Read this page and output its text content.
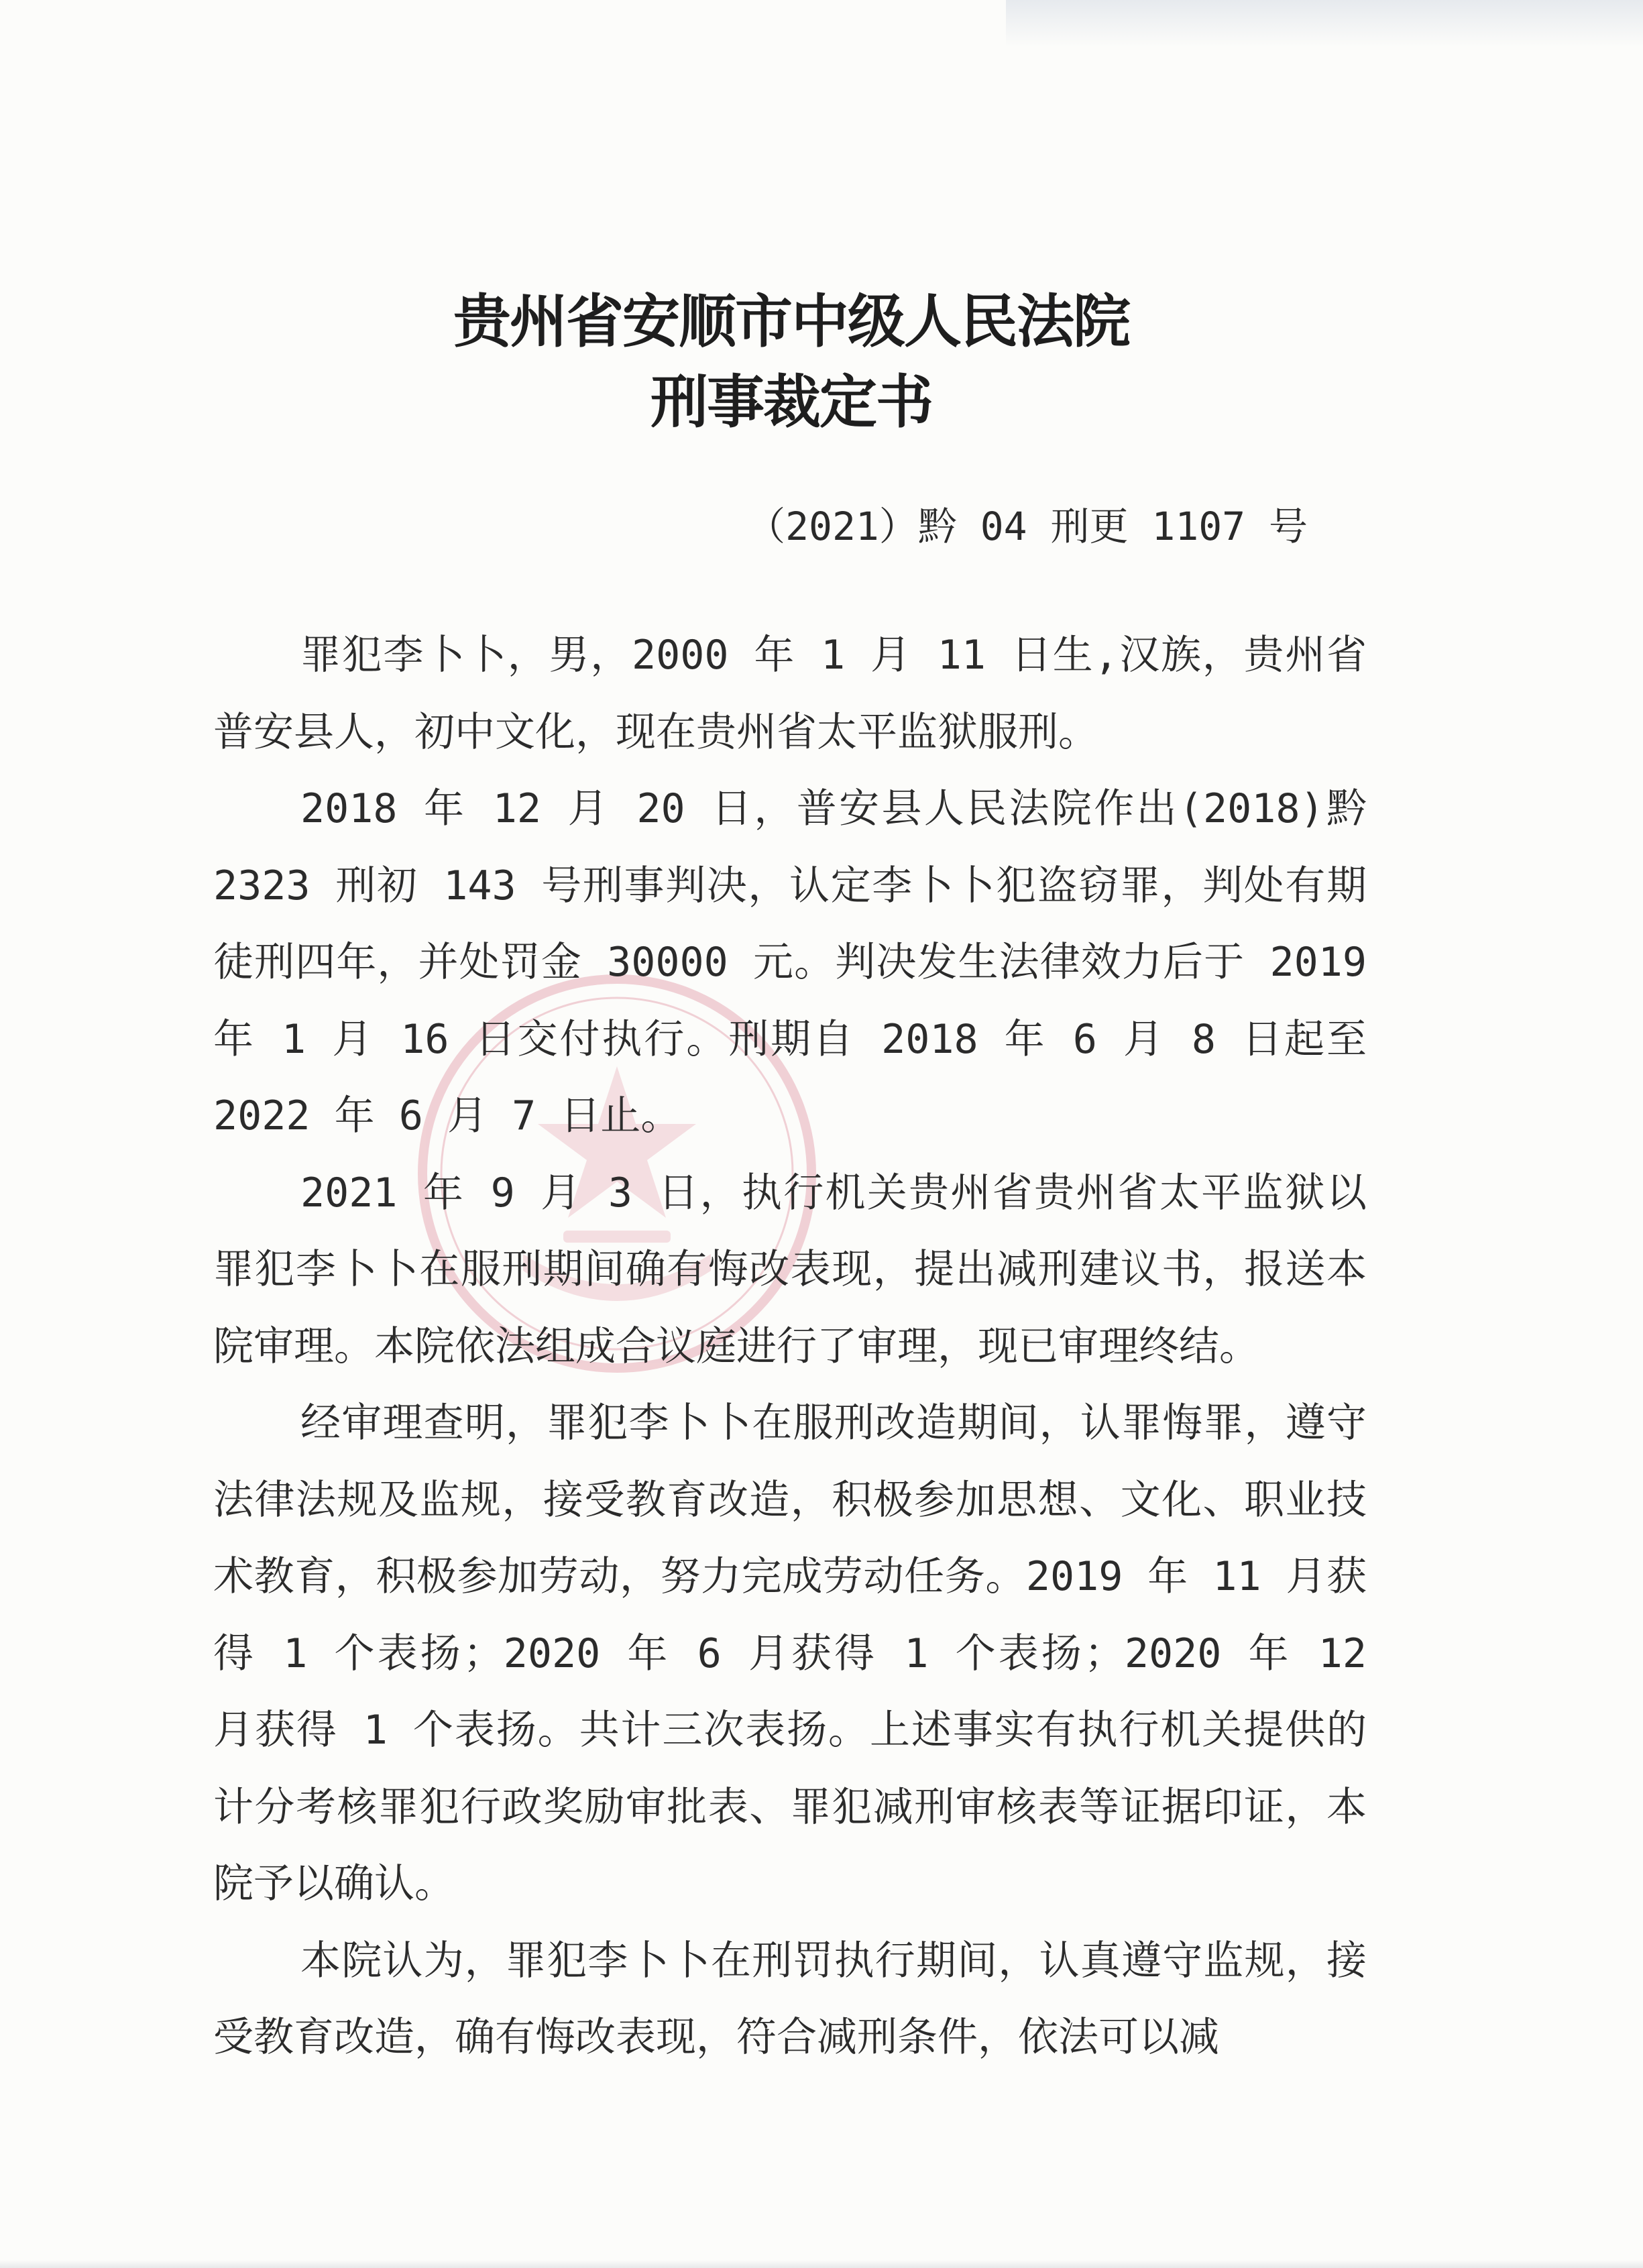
贵州省安顺市中级人民法院
刑事裁定书
（2021）黔 04 刑更 1107 号

罪犯李卜卜，男，2000 年 1 月 11 日生,汉族，贵州省普安县人，初中文化，现在贵州省太平监狱服刑。

2018 年 12 月 20 日，普安县人民法院作出(2018)黔 2323 刑初 143 号刑事判决，认定李卜卜犯盗窃罪，判处有期徒刑四年，并处罚金 30000 元。判决发生法律效力后于 2019 年 1 月 16 日交付执行。刑期自 2018 年 6 月 8 日起至 2022 年 6 月 7 日止。

2021 年 9 月 3 日，执行机关贵州省贵州省太平监狱以罪犯李卜卜在服刑期间确有悔改表现，提出减刑建议书，报送本院审理。本院依法组成合议庭进行了审理，现已审理终结。

经审理查明，罪犯李卜卜在服刑改造期间，认罪悔罪，遵守法律法规及监规，接受教育改造，积极参加思想、文化、职业技术教育，积极参加劳动，努力完成劳动任务。2019 年 11 月获得 1 个表扬；2020 年 6 月获得 1 个表扬；2020 年 12 月获得 1 个表扬。共计三次表扬。上述事实有执行机关提供的计分考核罪犯行政奖励审批表、罪犯减刑审核表等证据印证，本院予以确认。

本院认为，罪犯李卜卜在刑罚执行期间，认真遵守监规，接受教育改造，确有悔改表现，符合减刑条件，依法可以减
